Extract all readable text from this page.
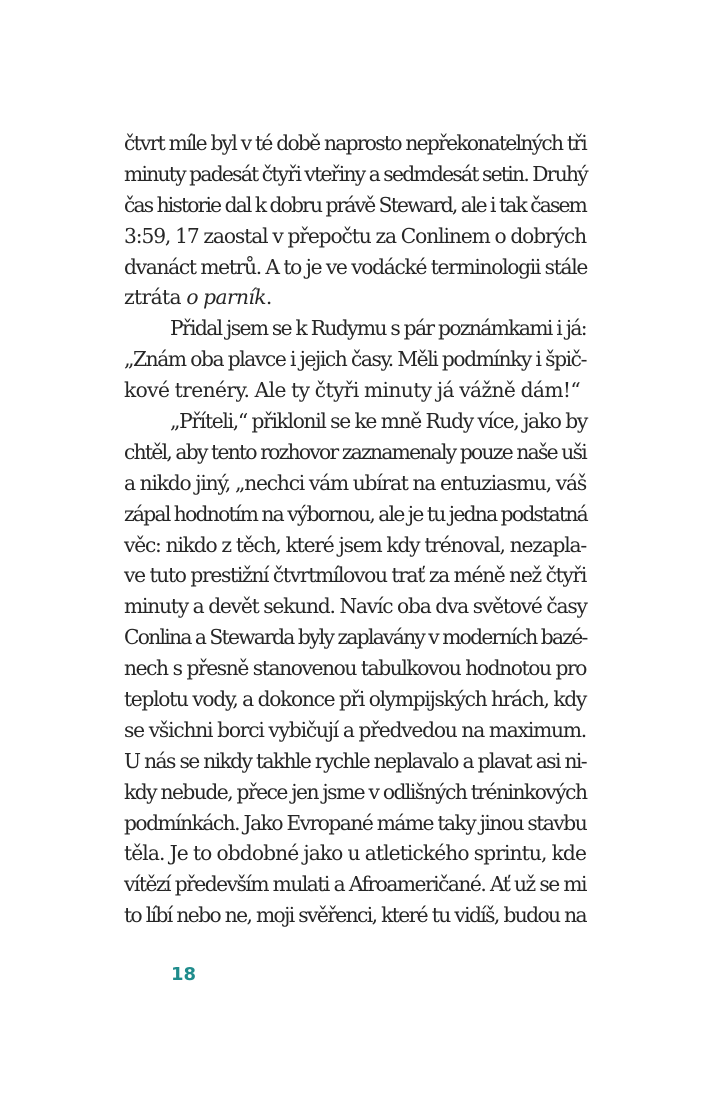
čtvrt míle byl v té době naprosto nepřekonatelných tři
minuty padesát čtyři vteřiny a sedmdesát setin. Druhý
čas historie dal k dobru právě Steward, ale i tak časem
3:59, 17 zaostal v přepočtu za Conlinem o dobrých
dvanáct metrů. A to je ve vodácké terminologii stále
ztráta o parník.
Přidal jsem se k Rudymu s pár poznámkami i já:
„Znám oba plavce i jejich časy. Měli podmínky i špič-
kové trenéry. Ale ty čtyři minuty já vážně dám!“
„Příteli,“ přiklonil se ke mně Rudy více, jako by
chtěl, aby tento rozhovor zaznamenaly pouze naše uši
a nikdo jiný, „nechci vám ubírat na entuziasmu, váš
zápal hodnotím na výbornou, ale je tu jedna podstatná
věc: nikdo z těch, které jsem kdy trénoval, nezapla-
ve tuto prestižní čtvrtmílovou trať za méně než čtyři
minuty a devět sekund. Navíc oba dva světové časy
Conlina a Stewarda byly zaplavány v moderních bazé-
nech s přesně stanovenou tabulkovou hodnotou pro
teplotu vody, a dokonce při olympijských hrách, kdy
se všichni borci vybičují a předvedou na maximum.
U nás se nikdy takhle rychle neplavalo a plavat asi ni-
kdy nebude, přece jen jsme v odlišných tréninkových
podmínkách. Jako Evropané máme taky jinou stavbu
těla. Je to obdobné jako u atletického sprintu, kde
vítězí především mulati a Afroameričané. Ať už se mi
to líbí nebo ne, moji svěřenci, které tu vidíš, budou na
18
